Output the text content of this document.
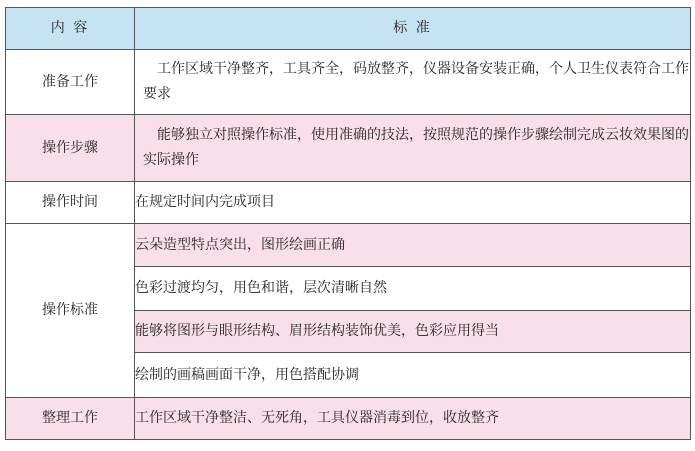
内 容	标 准
准备工作	工作区域干净整齐，工具齐全，码放整齐，仪器设备安装正确，个人卫生仪表符合工作要求
操作步骤	能够独立对照操作标准，使用准确的技法，按照规范的操作步骤绘制完成云妆效果图的实际操作
操作时间	在规定时间内完成项目
操作标准	云朵造型特点突出，图形绘画正确
	色彩过渡均匀，用色和谐，层次清晰自然
	能够将图形与眼形结构、眉形结构装饰优美，色彩应用得当
	绘制的画稿画面干净，用色搭配协调
整理工作	工作区域干净整洁、无死角，工具仪器消毒到位，收放整齐
